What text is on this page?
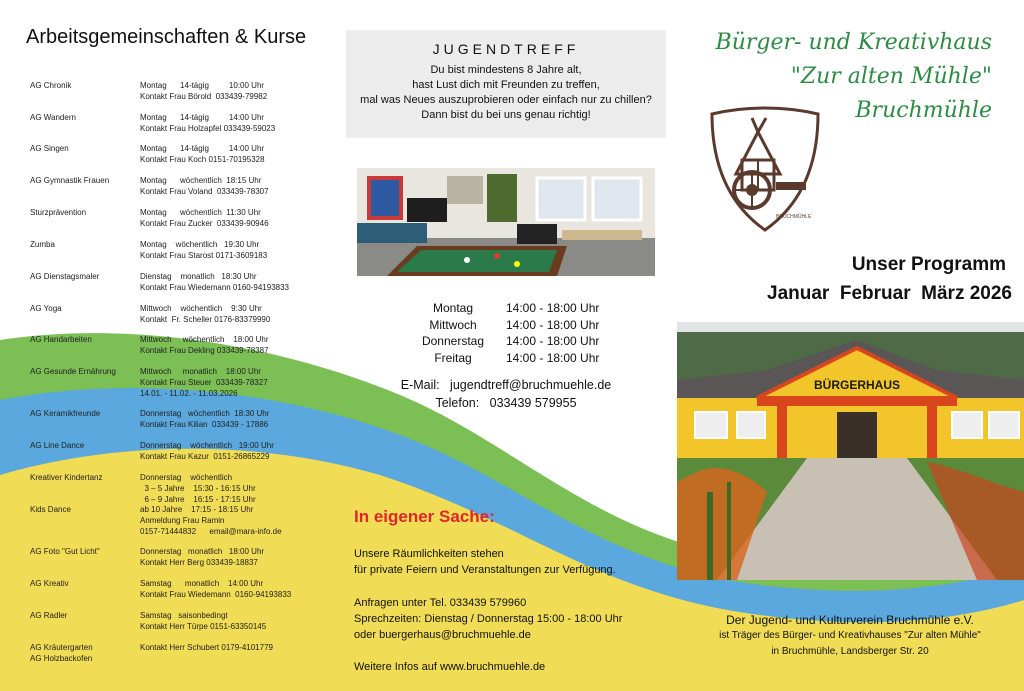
Arbeitsgemeinschaften & Kurse
AG Chronik	Montag      14-tägig         10:00 Uhr
Kontakt Frau Börold  033439-79982
AG Wandern	Montag      14-tägig         14:00 Uhr
Kontakt Frau Holzapfel 033439-59023
AG Singen	Montag      14-tägig         14:00 Uhr
Kontakt Frau Koch 0151-70195328
AG Gymnastik Frauen	Montag      wöchentlich  18:15 Uhr
Kontakt Frau Voland  033439-78307
Sturzprävention	Montag      wöchentlich  11:30 Uhr
Kontakt Frau Zucker  033439-90946
Zumba	Montag    wöchentlich   19:30 Uhr
Kontakt Frau Starost 0171-3609183
AG Dienstagsmaler	Dienstag    monatlich   18:30 Uhr
Kontakt Frau Wiedemann 0160-94193833
AG Yoga	Mittwoch    wöchentlich    9:30 Uhr
Kontakt  Fr. Scheller 0176-83379990
AG Handarbeiten	Mittwoch     wöchentlich    18:00 Uhr
Kontakt Frau Dekling 033439-78387
AG Gesunde Ernährung	Mittwoch     monatlich    18:00 Uhr
Kontakt Frau Steuer  033439-78327
14.01. - 11.02. - 11.03.2026
AG Keramikfreunde	Donnerstag   wöchentlich  18:30 Uhr
Kontakt Frau Kilian  033439 - 17886
AG Line Dance	Donnerstag    wöchentlich   19:00 Uhr
Kontakt Frau Kazur  0151-26865229
Kreativer Kindertanz	Donnerstag    wöchentlich
3 – 5 Jahre    15:30 - 16:15 Uhr
6 – 9 Jahre    16:15 - 17:15 Uhr
Kids Dance	ab 10 Jahre    17:15 - 18:15 Uhr
Anmeldung Frau Ramin
0157-71444832      email@mara-info.de
AG Foto "Gut Licht"	Donnerstag   monatlich   18:00 Uhr
Kontakt Herr Berg 033439-18837
AG Kreativ	Samstag      monatlich    14:00 Uhr
Kontakt Frau Wiedemann  0160-94193833
AG Radler	Samstag   saisonbedingt
Kontakt Herr Türpe 0151-63350145
AG Kräutergarten
AG Holzbackofen
Kontakt Herr Schubert 0179-4101779
JUGENDTREFF
Du bist mindestens 8 Jahre alt,
hast Lust dich mit Freunden zu treffen,
mal was Neues auszuprobieren oder einfach nur zu chillen?
Dann bist du bei uns genau richtig!
Montag	14:00 - 18:00 Uhr
Mittwoch	14:00 - 18:00 Uhr
Donnerstag	14:00 - 18:00 Uhr
Freitag	14:00 - 18:00 Uhr
E-Mail:   jugendtreff@bruchmuehle.de
Telefon:   033439 579955
In eigener Sache:
Unsere Räumlichkeiten stehen
für private Feiern und Veranstaltungen zur Verfügung.
Anfragen unter Tel. 033439 579960
Sprechzeiten: Dienstag / Donnerstag 15:00 - 18:00 Uhr
oder buergerhaus@bruchmuehle.de
Weitere Infos auf www.bruchmuehle.de
Bürger- und Kreativhaus
"Zur alten Mühle"
Bruchmühle
BRUCHMÜHLE
Unser Programm
Januar  Februar  März 2026
BÜRGERHAUS
Der Jugend- und Kulturverein Bruchmühle e.V.
ist Träger des Bürger- und Kreativhauses "Zur alten Mühle"
in Bruchmühle, Landsberger Str. 20
